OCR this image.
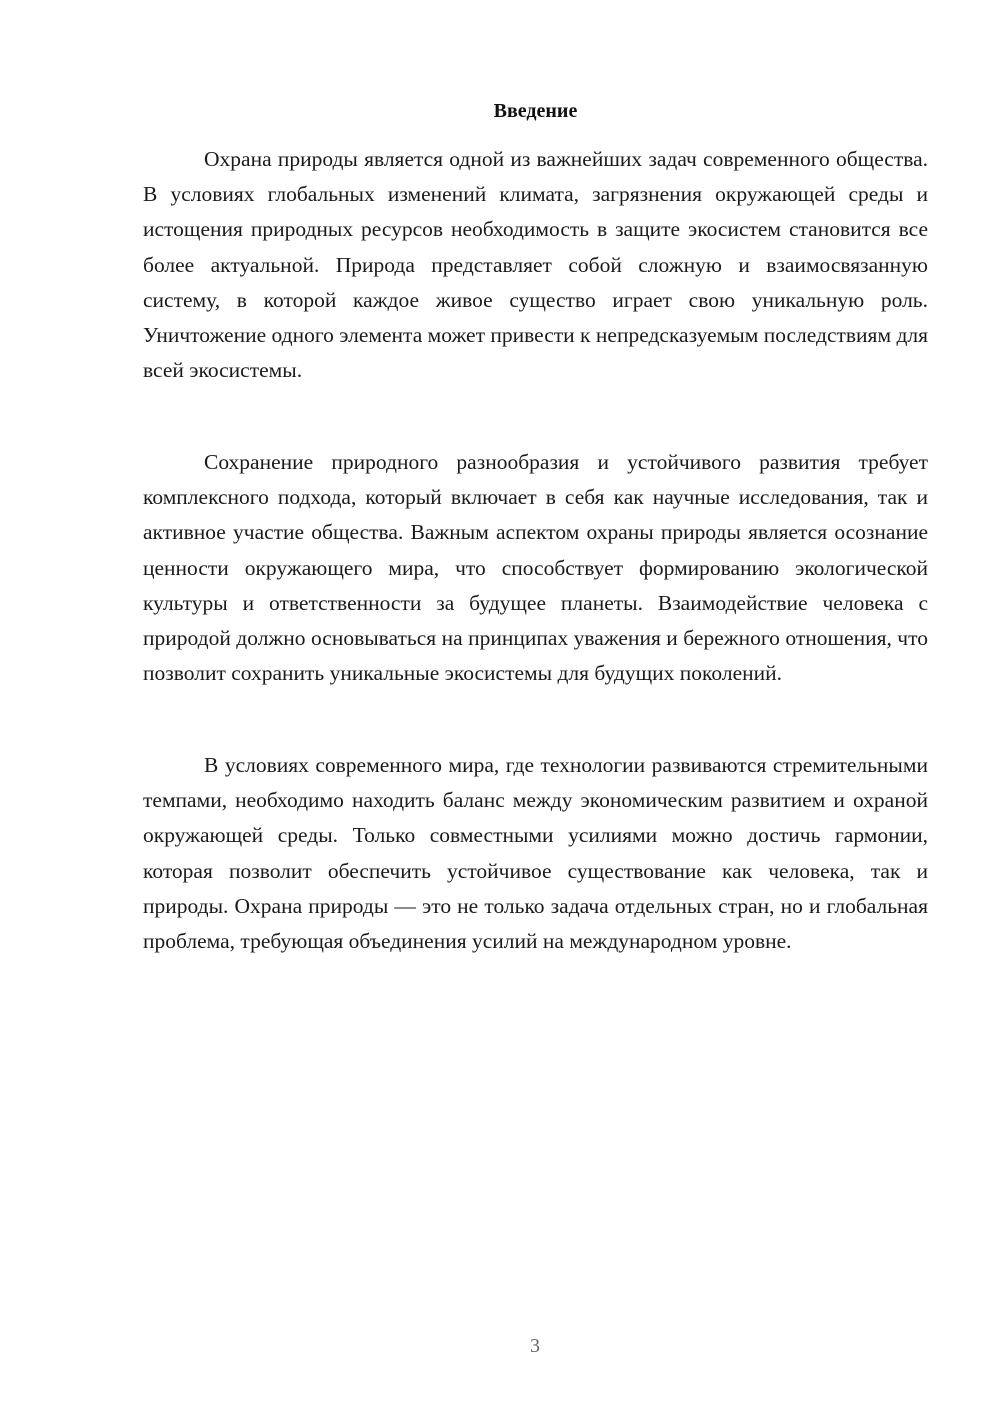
Введение

Охрана природы является одной из важнейших задач современного общества. В условиях глобальных изменений климата, загрязнения окружающей среды и истощения природных ресурсов необходимость в защите экосистем становится все более актуальной. Природа представляет собой сложную и взаимосвязанную систему, в которой каждое живое существо играет свою уникальную роль. Уничтожение одного элемента может привести к непредсказуемым последствиям для всей экосистемы.

Сохранение природного разнообразия и устойчивого развития требует комплексного подхода, который включает в себя как научные исследования, так и активное участие общества. Важным аспектом охраны природы является осознание ценности окружающего мира, что способствует формированию экологической культуры и ответственности за будущее планеты. Взаимодействие человека с природой должно основываться на принципах уважения и бережного отношения, что позволит сохранить уникальные экосистемы для будущих поколений.

В условиях современного мира, где технологии развиваются стремительными темпами, необходимо находить баланс между экономическим развитием и охраной окружающей среды. Только совместными усилиями можно достичь гармонии, которая позволит обеспечить устойчивое существование как человека, так и природы. Охрана природы — это не только задача отдельных стран, но и глобальная проблема, требующая объединения усилий на международном уровне.

3
